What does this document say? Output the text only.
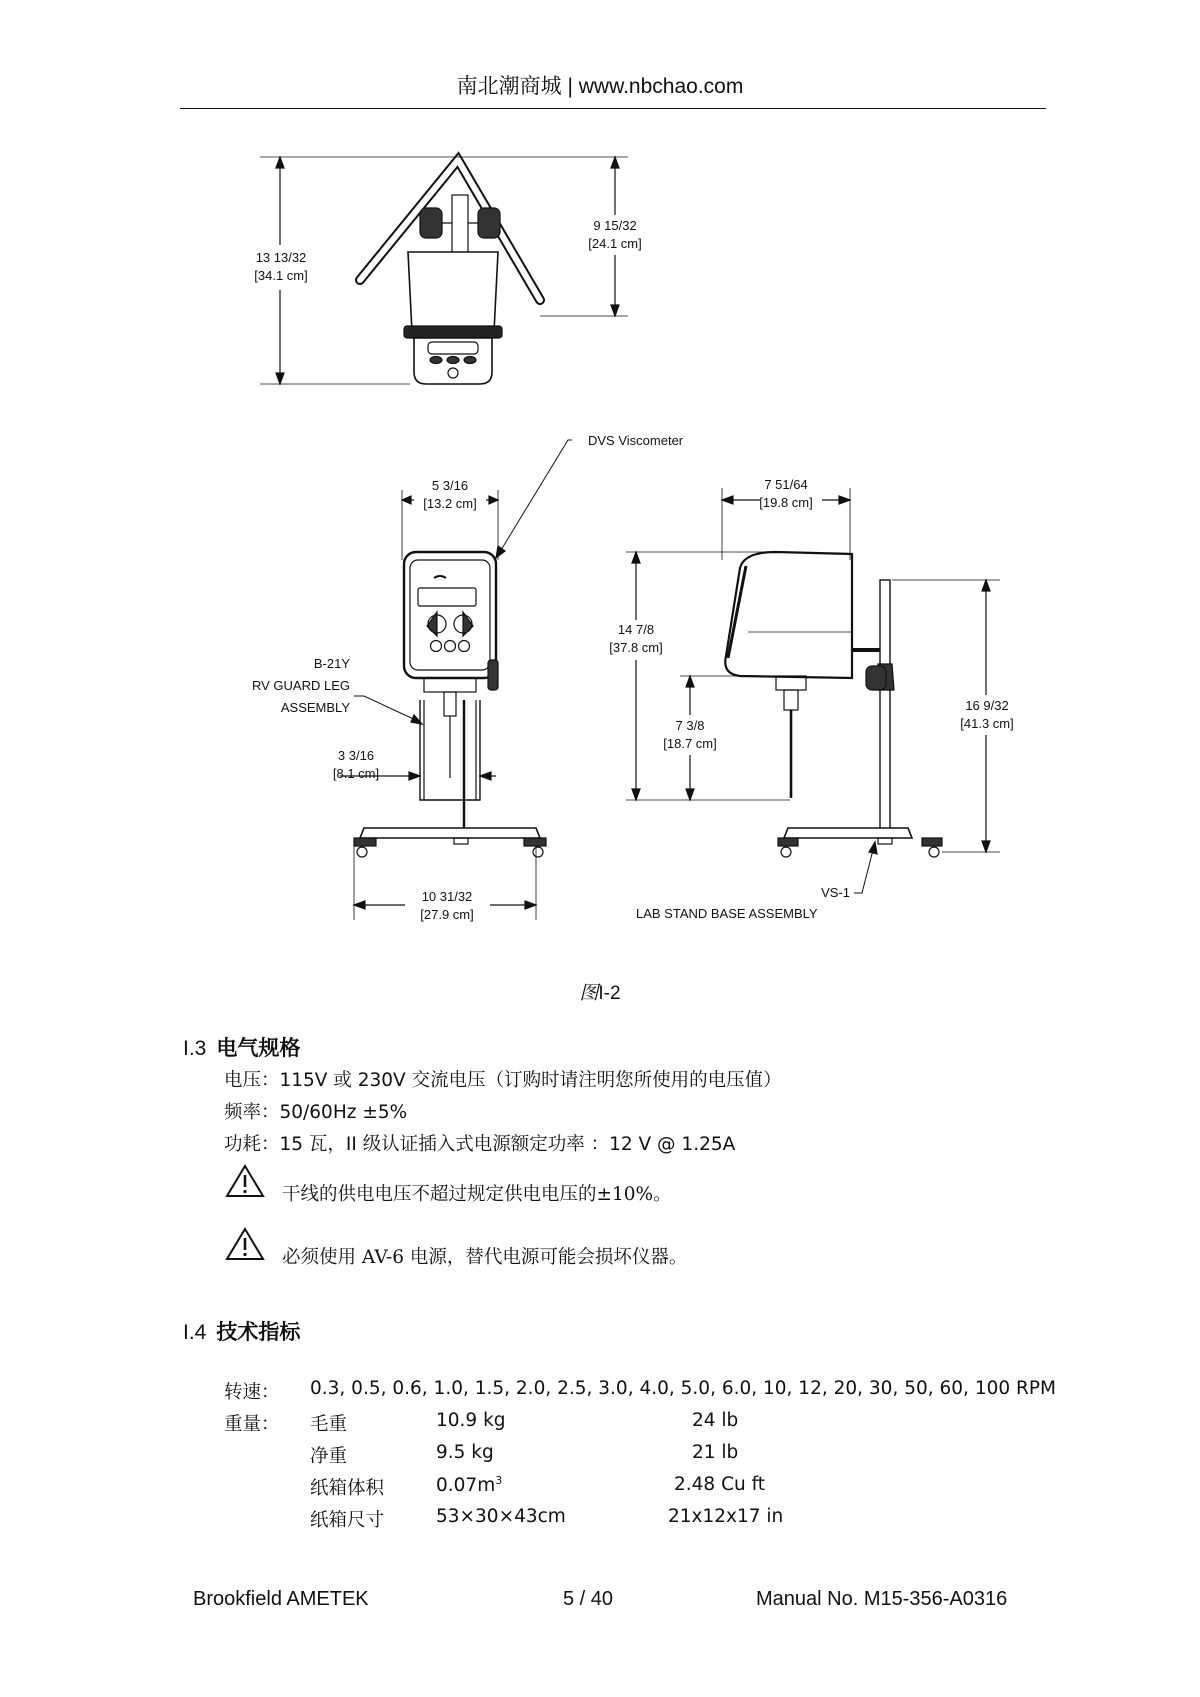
南北潮商城 | www.nbchao.com
13 13/32
[34.1 cm]
9 15/32
[24.1 cm]
5 3/16
[13.2 cm]
3 3/16
[8.1 cm]
10 31/32
[27.9 cm]
7 51/64
[19.8 cm]
14 7/8
[37.8 cm]
7 3/8
[18.7 cm]
16 9/32
[41.3 cm]
DVS Viscometer
B-21Y
RV GUARD LEG
ASSEMBLY
VS-1
LAB STAND BASE ASSEMBLY
图I-2
I.3 电气规格
电压：115V 或 230V 交流电压（订购时请注明您所使用的电压值）
频率：50/60Hz ±5%
功耗：15 瓦，II 级认证插入式电源额定功率 ：12 V @ 1.25A
干线的供电电压不超过规定供电电压的±10%。
必须使用 AV-6 电源，替代电源可能会损坏仪器。
I.4 技术指标
转速： 0.3, 0.5, 0.6, 1.0, 1.5, 2.0, 2.5, 3.0, 4.0, 5.0, 6.0, 10, 12, 20, 30, 50, 60, 100 RPM
重量： 毛重	10.9 kg	24 lb
净重	9.5 kg	21 lb
纸箱体积	$0.07m^3$	2.48 Cu ft
纸箱尺寸	53×30×43cm	21x12x17 in
Brookfield AMETEK	5 / 40	Manual No. M15-356-A0316
